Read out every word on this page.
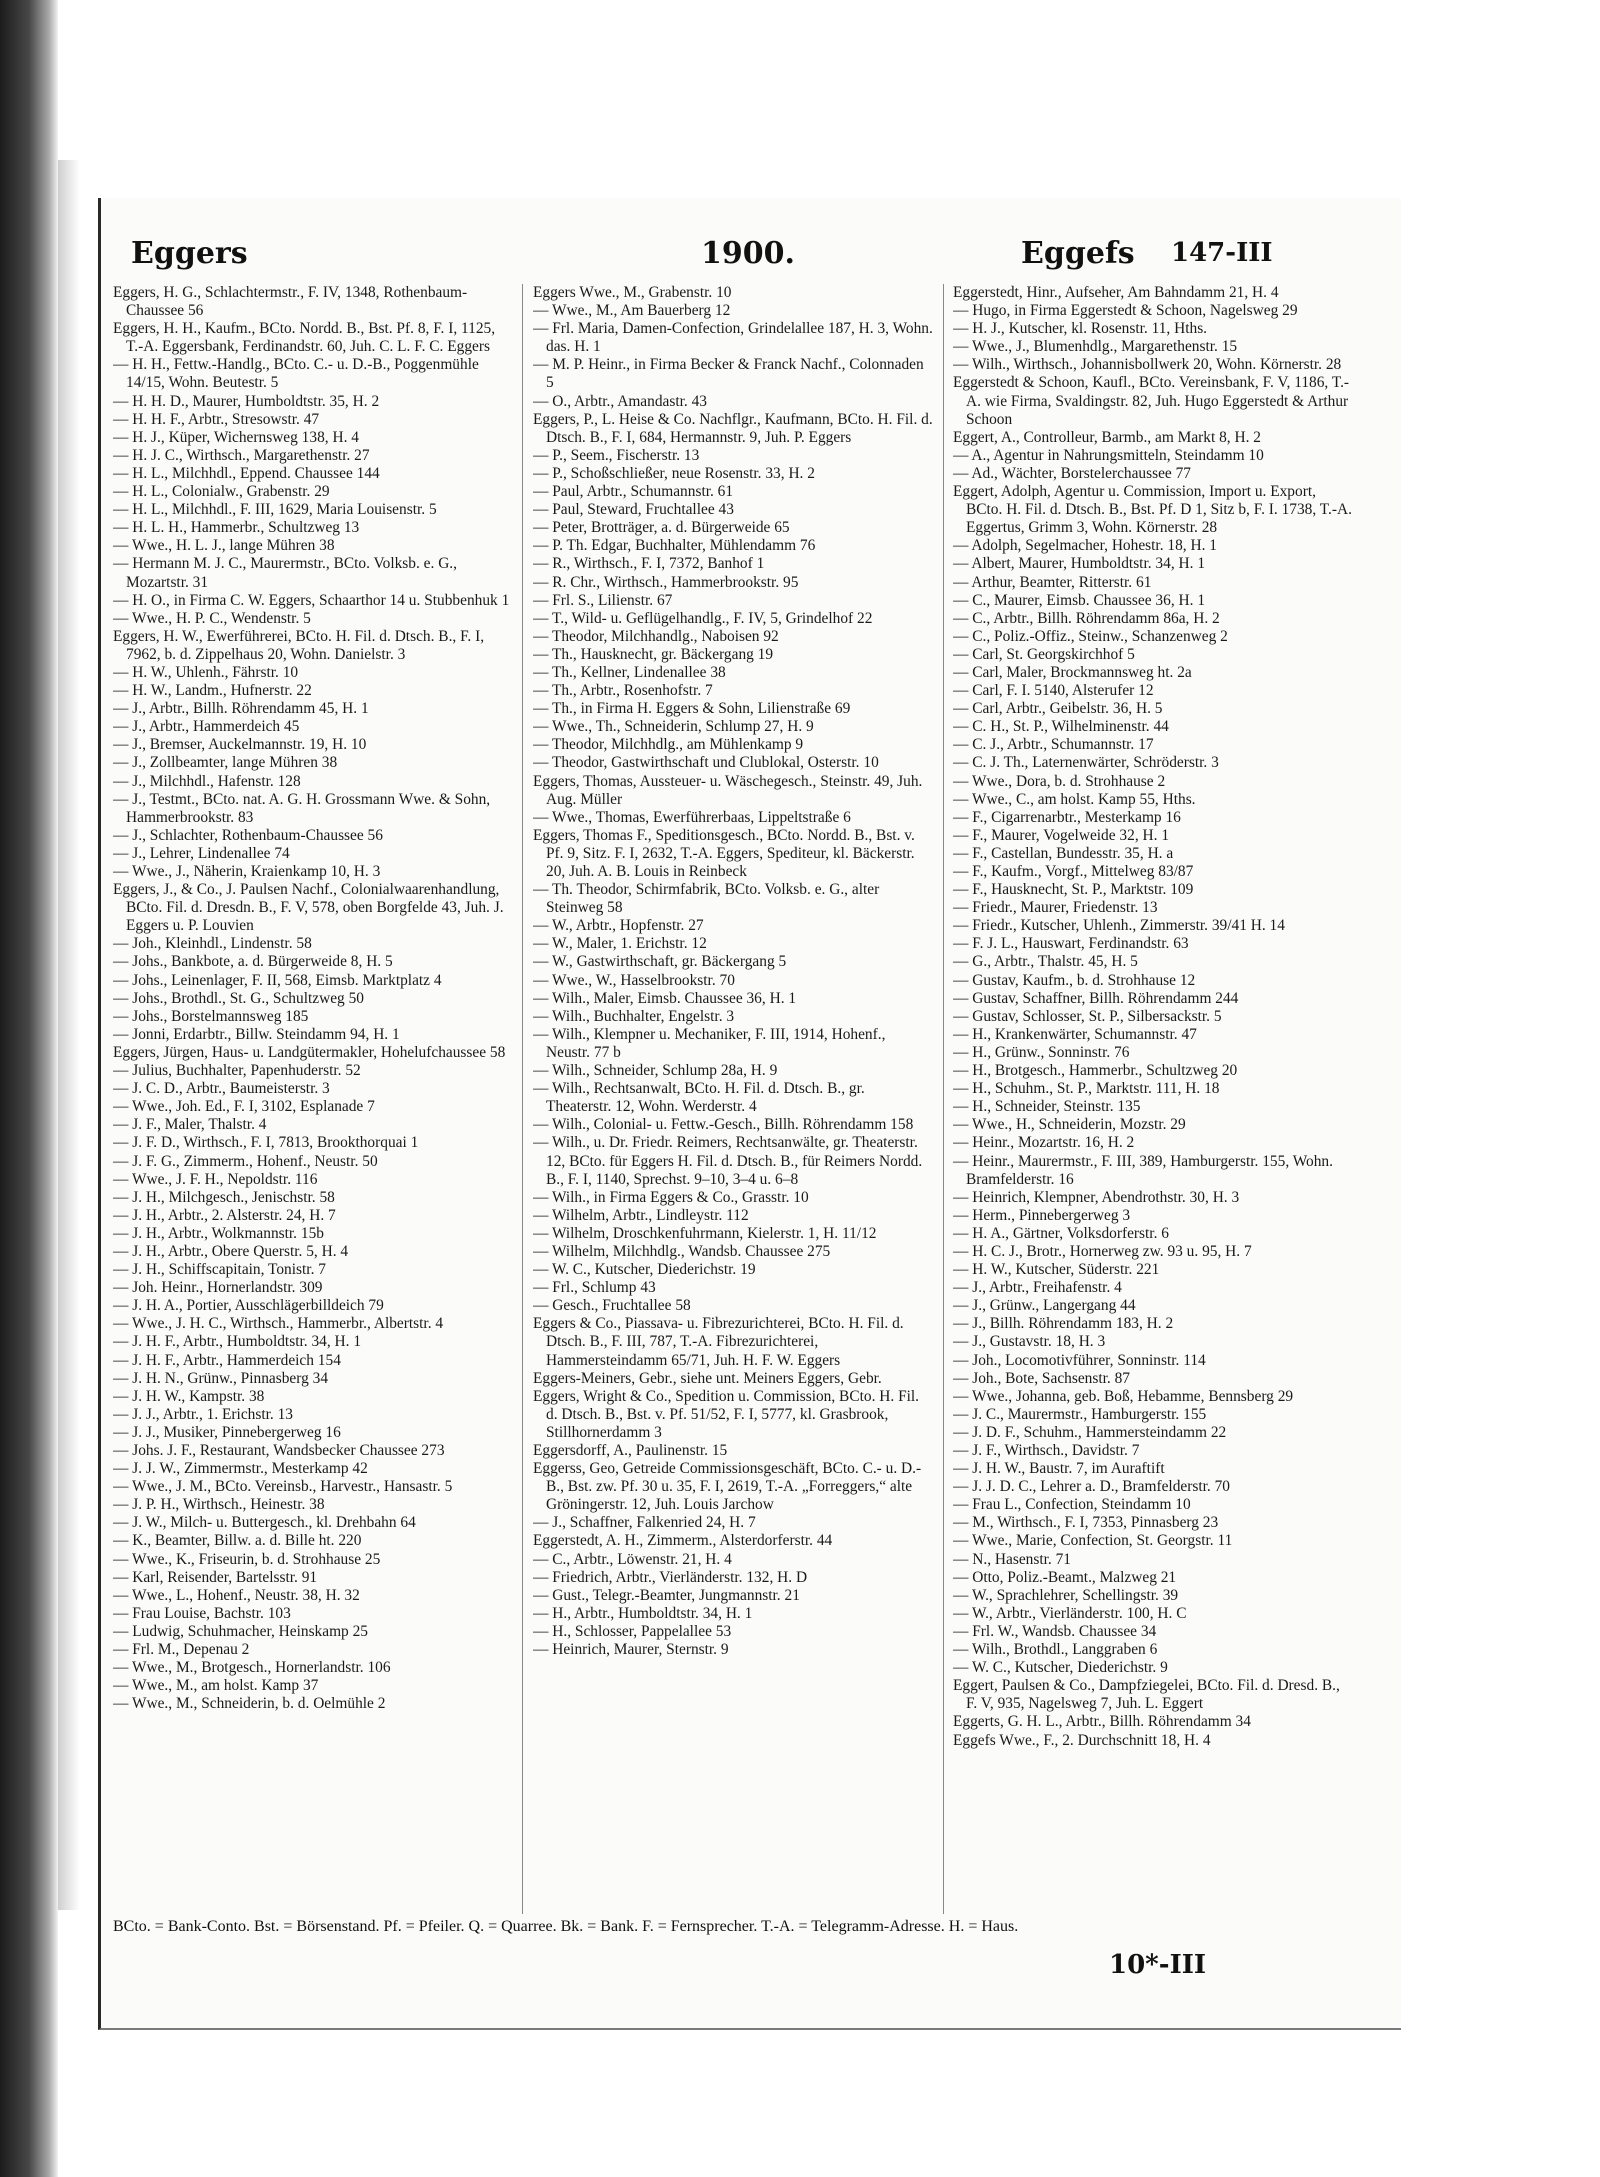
Eggers	1900.	Eggefs 147-III

Eggers, H. G., Schlachtermstr., F. IV, 1348, Rothenbaum-Chaussee 56

Eggers, H. H., Kaufm., BCto. Nordd. B., Bst. Pf. 8, F. I, 1125, T.-A. Eggersbank, Ferdinandstr. 60, Juh. C. L. F. C. Eggers

— H. H., Fettw.-Handlg., BCto. C.- u. D.-B., Poggenmühle 14/15, Wohn. Beutestr. 5

— H. H. D., Maurer, Humboldtstr. 35, H. 2

— H. H. F., Arbtr., Stresowstr. 47

— H. J., Küper, Wichernsweg 138, H. 4

— H. J. C., Wirthsch., Margarethenstr. 27

— H. L., Milchhdl., Eppend. Chaussee 144

— H. L., Colonialw., Grabenstr. 29

— H. L., Milchhdl., F. III, 1629, Maria Louisenstr. 5

— H. L. H., Hammerbr., Schultzweg 13

— Wwe., H. L. J., lange Mühren 38

— Hermann M. J. C., Maurermstr., BCto. Volksb. e. G., Mozartstr. 31

— H. O., in Firma C. W. Eggers, Schaarthor 14 u. Stubbenhuk 1

— Wwe., H. P. C., Wendenstr. 5

Eggers, H. W., Ewerführerei, BCto. H. Fil. d. Dtsch. B., F. I, 7962, b. d. Zippelhaus 20, Wohn. Danielstr. 3

— H. W., Uhlenh., Fährstr. 10

— H. W., Landm., Hufnerstr. 22

— J., Arbtr., Billh. Röhrendamm 45, H. 1

— J., Arbtr., Hammerdeich 45

— J., Bremser, Auckelmannstr. 19, H. 10

— J., Zollbeamter, lange Mühren 38

— J., Milchhdl., Hafenstr. 128

— J., Testmt., BCto. nat. A. G. H. Grossmann Wwe. & Sohn, Hammerbrookstr. 83

— J., Schlachter, Rothenbaum-Chaussee 56

— J., Lehrer, Lindenallee 74

— Wwe., J., Näherin, Kraienkamp 10, H. 3

Eggers, J., & Co., J. Paulsen Nachf., Colonialwaarenhandlung, BCto. Fil. d. Dresdn. B., F. V, 578, oben Borgfelde 43, Juh. J. Eggers u. P. Louvien

— Joh., Kleinhdl., Lindenstr. 58

— Johs., Bankbote, a. d. Bürgerweide 8, H. 5

— Johs., Leinenlager, F. II, 568, Eimsb. Marktplatz 4

— Johs., Brothdl., St. G., Schultzweg 50

— Johs., Borstelmannsweg 185

— Jonni, Erdarbtr., Billw. Steindamm 94, H. 1

Eggers, Jürgen, Haus- u. Landgütermakler, Hohelufchaussee 58

— Julius, Buchhalter, Papenhuderstr. 52

— J. C. D., Arbtr., Baumeisterstr. 3

— Wwe., Joh. Ed., F. I, 3102, Esplanade 7

— J. F., Maler, Thalstr. 4

— J. F. D., Wirthsch., F. I, 7813, Brookthorquai 1

— J. F. G., Zimmerm., Hohenf., Neustr. 50

— Wwe., J. F. H., Nepoldstr. 116

— J. H., Milchgesch., Jenischstr. 58

— J. H., Arbtr., 2. Alsterstr. 24, H. 7

— J. H., Arbtr., Wolkmannstr. 15b

— J. H., Arbtr., Obere Querstr. 5, H. 4

— J. H., Schiffscapitain, Tonistr. 7

— Joh. Heinr., Hornerlandstr. 309

— J. H. A., Portier, Ausschlägerbilldeich 79

— Wwe., J. H. C., Wirthsch., Hammerbr., Albertstr. 4

— J. H. F., Arbtr., Humboldtstr. 34, H. 1

— J. H. F., Arbtr., Hammerdeich 154

— J. H. N., Grünw., Pinnasberg 34

— J. H. W., Kampstr. 38

— J. J., Arbtr., 1. Erichstr. 13

— J. J., Musiker, Pinnebergerweg 16

— Johs. J. F., Restaurant, Wandsbecker Chaussee 273

— J. J. W., Zimmermstr., Mesterkamp 42

— Wwe., J. M., BCto. Vereinsb., Harvestr., Hansastr. 5

— J. P. H., Wirthsch., Heinestr. 38

— J. W., Milch- u. Buttergesch., kl. Drehbahn 64

— K., Beamter, Billw. a. d. Bille ht. 220

— Wwe., K., Friseurin, b. d. Strohhause 25

— Karl, Reisender, Bartelsstr. 91

— Wwe., L., Hohenf., Neustr. 38, H. 32

— Frau Louise, Bachstr. 103

— Ludwig, Schuhmacher, Heinskamp 25

— Frl. M., Depenau 2

— Wwe., M., Brotgesch., Hornerlandstr. 106

— Wwe., M., am holst. Kamp 37

— Wwe., M., Schneiderin, b. d. Oelmühle 2

Eggers Wwe., M., Grabenstr. 10

— Wwe., M., Am Bauerberg 12

— Frl. Maria, Damen-Confection, Grindelallee 187, H. 3, Wohn. das. H. 1

— M. P. Heinr., in Firma Becker & Franck Nachf., Colonnaden 5

— O., Arbtr., Amandastr. 43

Eggers, P., L. Heise & Co. Nachflgr., Kaufmann, BCto. H. Fil. d. Dtsch. B., F. I, 684, Hermannstr. 9, Juh. P. Eggers

— P., Seem., Fischerstr. 13

— P., Schoßschließer, neue Rosenstr. 33, H. 2

— Paul, Arbtr., Schumannstr. 61

— Paul, Steward, Fruchtallee 43

— Peter, Brotträger, a. d. Bürgerweide 65

— P. Th. Edgar, Buchhalter, Mühlendamm 76

— R., Wirthsch., F. I, 7372, Banhof 1

— R. Chr., Wirthsch., Hammerbrookstr. 95

— Frl. S., Lilienstr. 67

— T., Wild- u. Geflügelhandlg., F. IV, 5, Grindelhof 22

— Theodor, Milchhandlg., Naboisen 92

— Th., Hausknecht, gr. Bäckergang 19

— Th., Kellner, Lindenallee 38

— Th., Arbtr., Rosenhofstr. 7

— Th., in Firma H. Eggers & Sohn, Lilienstraße 69

— Wwe., Th., Schneiderin, Schlump 27, H. 9

— Theodor, Milchhdlg., am Mühlenkamp 9

— Theodor, Gastwirthschaft und Clublokal, Osterstr. 10

Eggers, Thomas, Aussteuer- u. Wäschegesch., Steinstr. 49, Juh. Aug. Müller

— Wwe., Thomas, Ewerführerbaas, Lippeltstraße 6

Eggers, Thomas F., Speditionsgesch., BCto. Nordd. B., Bst. v. Pf. 9, Sitz. F. I, 2632, T.-A. Eggers, Spediteur, kl. Bäckerstr. 20, Juh. A. B. Louis in Reinbeck

— Th. Theodor, Schirmfabrik, BCto. Volksb. e. G., alter Steinweg 58

— W., Arbtr., Hopfenstr. 27

— W., Maler, 1. Erichstr. 12

— W., Gastwirthschaft, gr. Bäckergang 5

— Wwe., W., Hasselbrookstr. 70

— Wilh., Maler, Eimsb. Chaussee 36, H. 1

— Wilh., Buchhalter, Engelstr. 3

— Wilh., Klempner u. Mechaniker, F. III, 1914, Hohenf., Neustr. 77 b

— Wilh., Schneider, Schlump 28a, H. 9

— Wilh., Rechtsanwalt, BCto. H. Fil. d. Dtsch. B., gr. Theaterstr. 12, Wohn. Werderstr. 4

— Wilh., Colonial- u. Fettw.-Gesch., Billh. Röhrendamm 158

— Wilh., u. Dr. Friedr. Reimers, Rechtsanwälte, gr. Theaterstr. 12, BCto. für Eggers H. Fil. d. Dtsch. B., für Reimers Nordd. B., F. I, 1140, Sprechst. 9–10, 3–4 u. 6–8

— Wilh., in Firma Eggers & Co., Grasstr. 10

— Wilhelm, Arbtr., Lindleystr. 112

— Wilhelm, Droschkenfuhrmann, Kielerstr. 1, H. 11/12

— Wilhelm, Milchhdlg., Wandsb. Chaussee 275

— W. C., Kutscher, Diederichstr. 19

— Frl., Schlump 43

— Gesch., Fruchtallee 58

Eggers & Co., Piassava- u. Fibrezurichterei, BCto. H. Fil. d. Dtsch. B., F. III, 787, T.-A. Fibrezurichterei, Hammersteindamm 65/71, Juh. H. F. W. Eggers

Eggers-Meiners, Gebr., siehe unt. Meiners Eggers, Gebr.

Eggers, Wright & Co., Spedition u. Commission, BCto. H. Fil. d. Dtsch. B., Bst. v. Pf. 51/52, F. I, 5777, kl. Grasbrook, Stillhornerdamm 3

Eggersdorff, A., Paulinenstr. 15

Eggerss, Geo, Getreide Commissionsgeschäft, BCto. C.- u. D.-B., Bst. zw. Pf. 30 u. 35, F. I, 2619, T.-A. „Forreggers,“ alte Gröningerstr. 12, Juh. Louis Jarchow

— J., Schaffner, Falkenried 24, H. 7

Eggerstedt, A. H., Zimmerm., Alsterdorferstr. 44

— C., Arbtr., Löwenstr. 21, H. 4

— Friedrich, Arbtr., Vierländerstr. 132, H. D

— Gust., Telegr.-Beamter, Jungmannstr. 21

— H., Arbtr., Humboldtstr. 34, H. 1

— H., Schlosser, Pappelallee 53

— Heinrich, Maurer, Sternstr. 9

Eggerstedt, Hinr., Aufseher, Am Bahndamm 21, H. 4

— Hugo, in Firma Eggerstedt & Schoon, Nagelsweg 29

— H. J., Kutscher, kl. Rosenstr. 11, Hths.

— Wwe., J., Blumenhdlg., Margarethenstr. 15

— Wilh., Wirthsch., Johannisbollwerk 20, Wohn. Körnerstr. 28

Eggerstedt & Schoon, Kaufl., BCto. Vereinsbank, F. V, 1186, T.-A. wie Firma, Svaldingstr. 82, Juh. Hugo Eggerstedt & Arthur Schoon

Eggert, A., Controlleur, Barmb., am Markt 8, H. 2

— A., Agentur in Nahrungsmitteln, Steindamm 10

— Ad., Wächter, Borstelerchaussee 77

Eggert, Adolph, Agentur u. Commission, Import u. Export, BCto. H. Fil. d. Dtsch. B., Bst. Pf. D 1, Sitz b, F. I. 1738, T.-A. Eggertus, Grimm 3, Wohn. Körnerstr. 28

— Adolph, Segelmacher, Hohestr. 18, H. 1

— Albert, Maurer, Humboldtstr. 34, H. 1

— Arthur, Beamter, Ritterstr. 61

— C., Maurer, Eimsb. Chaussee 36, H. 1

— C., Arbtr., Billh. Röhrendamm 86a, H. 2

— C., Poliz.-Offiz., Steinw., Schanzenweg 2

— Carl, St. Georgskirchhof 5

— Carl, Maler, Brockmannsweg ht. 2a

— Carl, F. I. 5140, Alsterufer 12

— Carl, Arbtr., Geibelstr. 36, H. 5

— C. H., St. P., Wilhelminenstr. 44

— C. J., Arbtr., Schumannstr. 17

— C. J. Th., Laternenwärter, Schröderstr. 3

— Wwe., Dora, b. d. Strohhause 2

— Wwe., C., am holst. Kamp 55, Hths.

— F., Cigarrenarbtr., Mesterkamp 16

— F., Maurer, Vogelweide 32, H. 1

— F., Castellan, Bundesstr. 35, H. a

— F., Kaufm., Vorgf., Mittelweg 83/87

— F., Hausknecht, St. P., Marktstr. 109

— Friedr., Maurer, Friedenstr. 13

— Friedr., Kutscher, Uhlenh., Zimmerstr. 39/41 H. 14

— F. J. L., Hauswart, Ferdinandstr. 63

— G., Arbtr., Thalstr. 45, H. 5

— Gustav, Kaufm., b. d. Strohhause 12

— Gustav, Schaffner, Billh. Röhrendamm 244

— Gustav, Schlosser, St. P., Silbersackstr. 5

— H., Krankenwärter, Schumannstr. 47

— H., Grünw., Sonninstr. 76

— H., Brotgesch., Hammerbr., Schultzweg 20

— H., Schuhm., St. P., Marktstr. 111, H. 18

— H., Schneider, Steinstr. 135

— Wwe., H., Schneiderin, Mozstr. 29

— Heinr., Mozartstr. 16, H. 2

— Heinr., Maurermstr., F. III, 389, Hamburgerstr. 155, Wohn. Bramfelderstr. 16

— Heinrich, Klempner, Abendrothstr. 30, H. 3

— Herm., Pinnebergerweg 3

— H. A., Gärtner, Volksdorferstr. 6

— H. C. J., Brotr., Hornerweg zw. 93 u. 95, H. 7

— H. W., Kutscher, Süderstr. 221

— J., Arbtr., Freihafenstr. 4

— J., Grünw., Langergang 44

— J., Billh. Röhrendamm 183, H. 2

— J., Gustavstr. 18, H. 3

— Joh., Locomotivführer, Sonninstr. 114

— Joh., Bote, Sachsenstr. 87

— Wwe., Johanna, geb. Boß, Hebamme, Bennsberg 29

— J. C., Maurermstr., Hamburgerstr. 155

— J. D. F., Schuhm., Hammersteindamm 22

— J. F., Wirthsch., Davidstr. 7

— J. H. W., Baustr. 7, im Auraftift

— J. J. D. C., Lehrer a. D., Bramfelderstr. 70

— Frau L., Confection, Steindamm 10

— M., Wirthsch., F. I, 7353, Pinnasberg 23

— Wwe., Marie, Confection, St. Georgstr. 11

— N., Hasenstr. 71

— Otto, Poliz.-Beamt., Malzweg 21

— W., Sprachlehrer, Schellingstr. 39

— W., Arbtr., Vierländerstr. 100, H. C

— Frl. W., Wandsb. Chaussee 34

— Wilh., Brothdl., Langgraben 6

— W. C., Kutscher, Diederichstr. 9

Eggert, Paulsen & Co., Dampfziegelei, BCto. Fil. d. Dresd. B., F. V, 935, Nagelsweg 7, Juh. L. Eggert

Eggerts, G. H. L., Arbtr., Billh. Röhrendamm 34

Eggefs Wwe., F., 2. Durchschnitt 18, H. 4

BCto. = Bank-Conto. Bst. = Börsenstand. Pf. = Pfeiler. Q. = Quarree. Bk. = Bank. F. = Fernsprecher. T.-A. = Telegramm-Adresse. H. = Haus.
10*-III
